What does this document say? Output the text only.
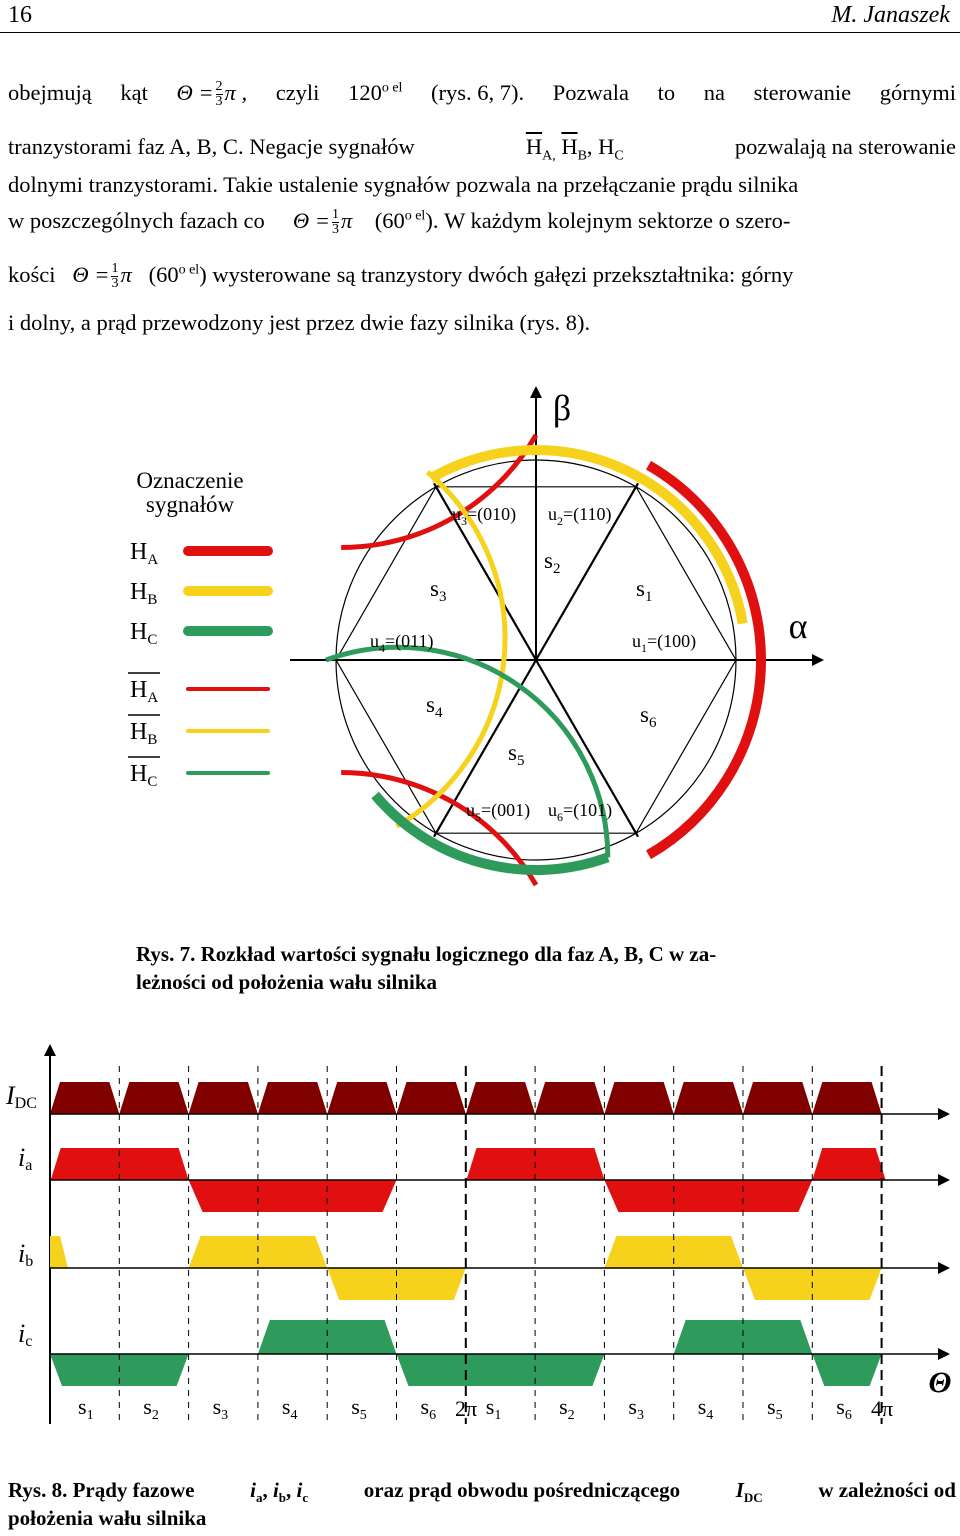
16	M. Janaszek
obejmują kąt $\Theta = \frac{2}{3}$ π , czyli $120^{o el}$ (rys. 6, 7). Pozwala to na sterowanie górnymi
tranzystorami faz A, B, C. Negacje sygnałów	$\overline{H}_{A,}$ $\overline{H}_B$, $H_C$	pozwalają na sterowanie
dolnymi tranzystorami. Takie ustalenie sygnałów pozwala na przełączanie prądu silnika
w poszczególnych fazach co $\Theta = \frac{1}{3}$ π $(60^{o el})$. W każdym kolejnym sektorze o szero-
kości $\Theta = \frac{1}{3}$ π $(60^{o el})$ wysterowane są tranzystory dwóch gałęzi przekształtnika: górny
i dolny, a prąd przewodzony jest przez dwie fazy silnika (rys. 8).
Oznaczenie
sygnałów
$H_A$
$H_B$
$H_C$
$H_A$
$H_B$
$H_C$
β
α
$u_3=(010)$ $u_2=(110)$
$u_4=(011)$	$u_1=(100)$
$u_5=(001)$ $u_6=(101)$
$s_1$
$s_2$
$s_3$
$s_4$
$s_5$
$s_6$
Rys. 7. Rozkład wartości sygnału logicznego dla faz A, B, C w za-
leżności od położenia wału silnika
IDC
ia
ib
ic
Θ
2π	4π
$s_1$ $s_2$ $s_3$ $s_4$ $s_5$ $s_6$ $s_1$	$s_2$ $s_3$ $s_4$ $s_5$ $s_6$
Rys. 8. Prądy fazowe	$i_a$, $i_b$, $i_c$	oraz prąd obwodu pośredniczącego	$I_{DC}$	w zależności od
położenia wału silnika
